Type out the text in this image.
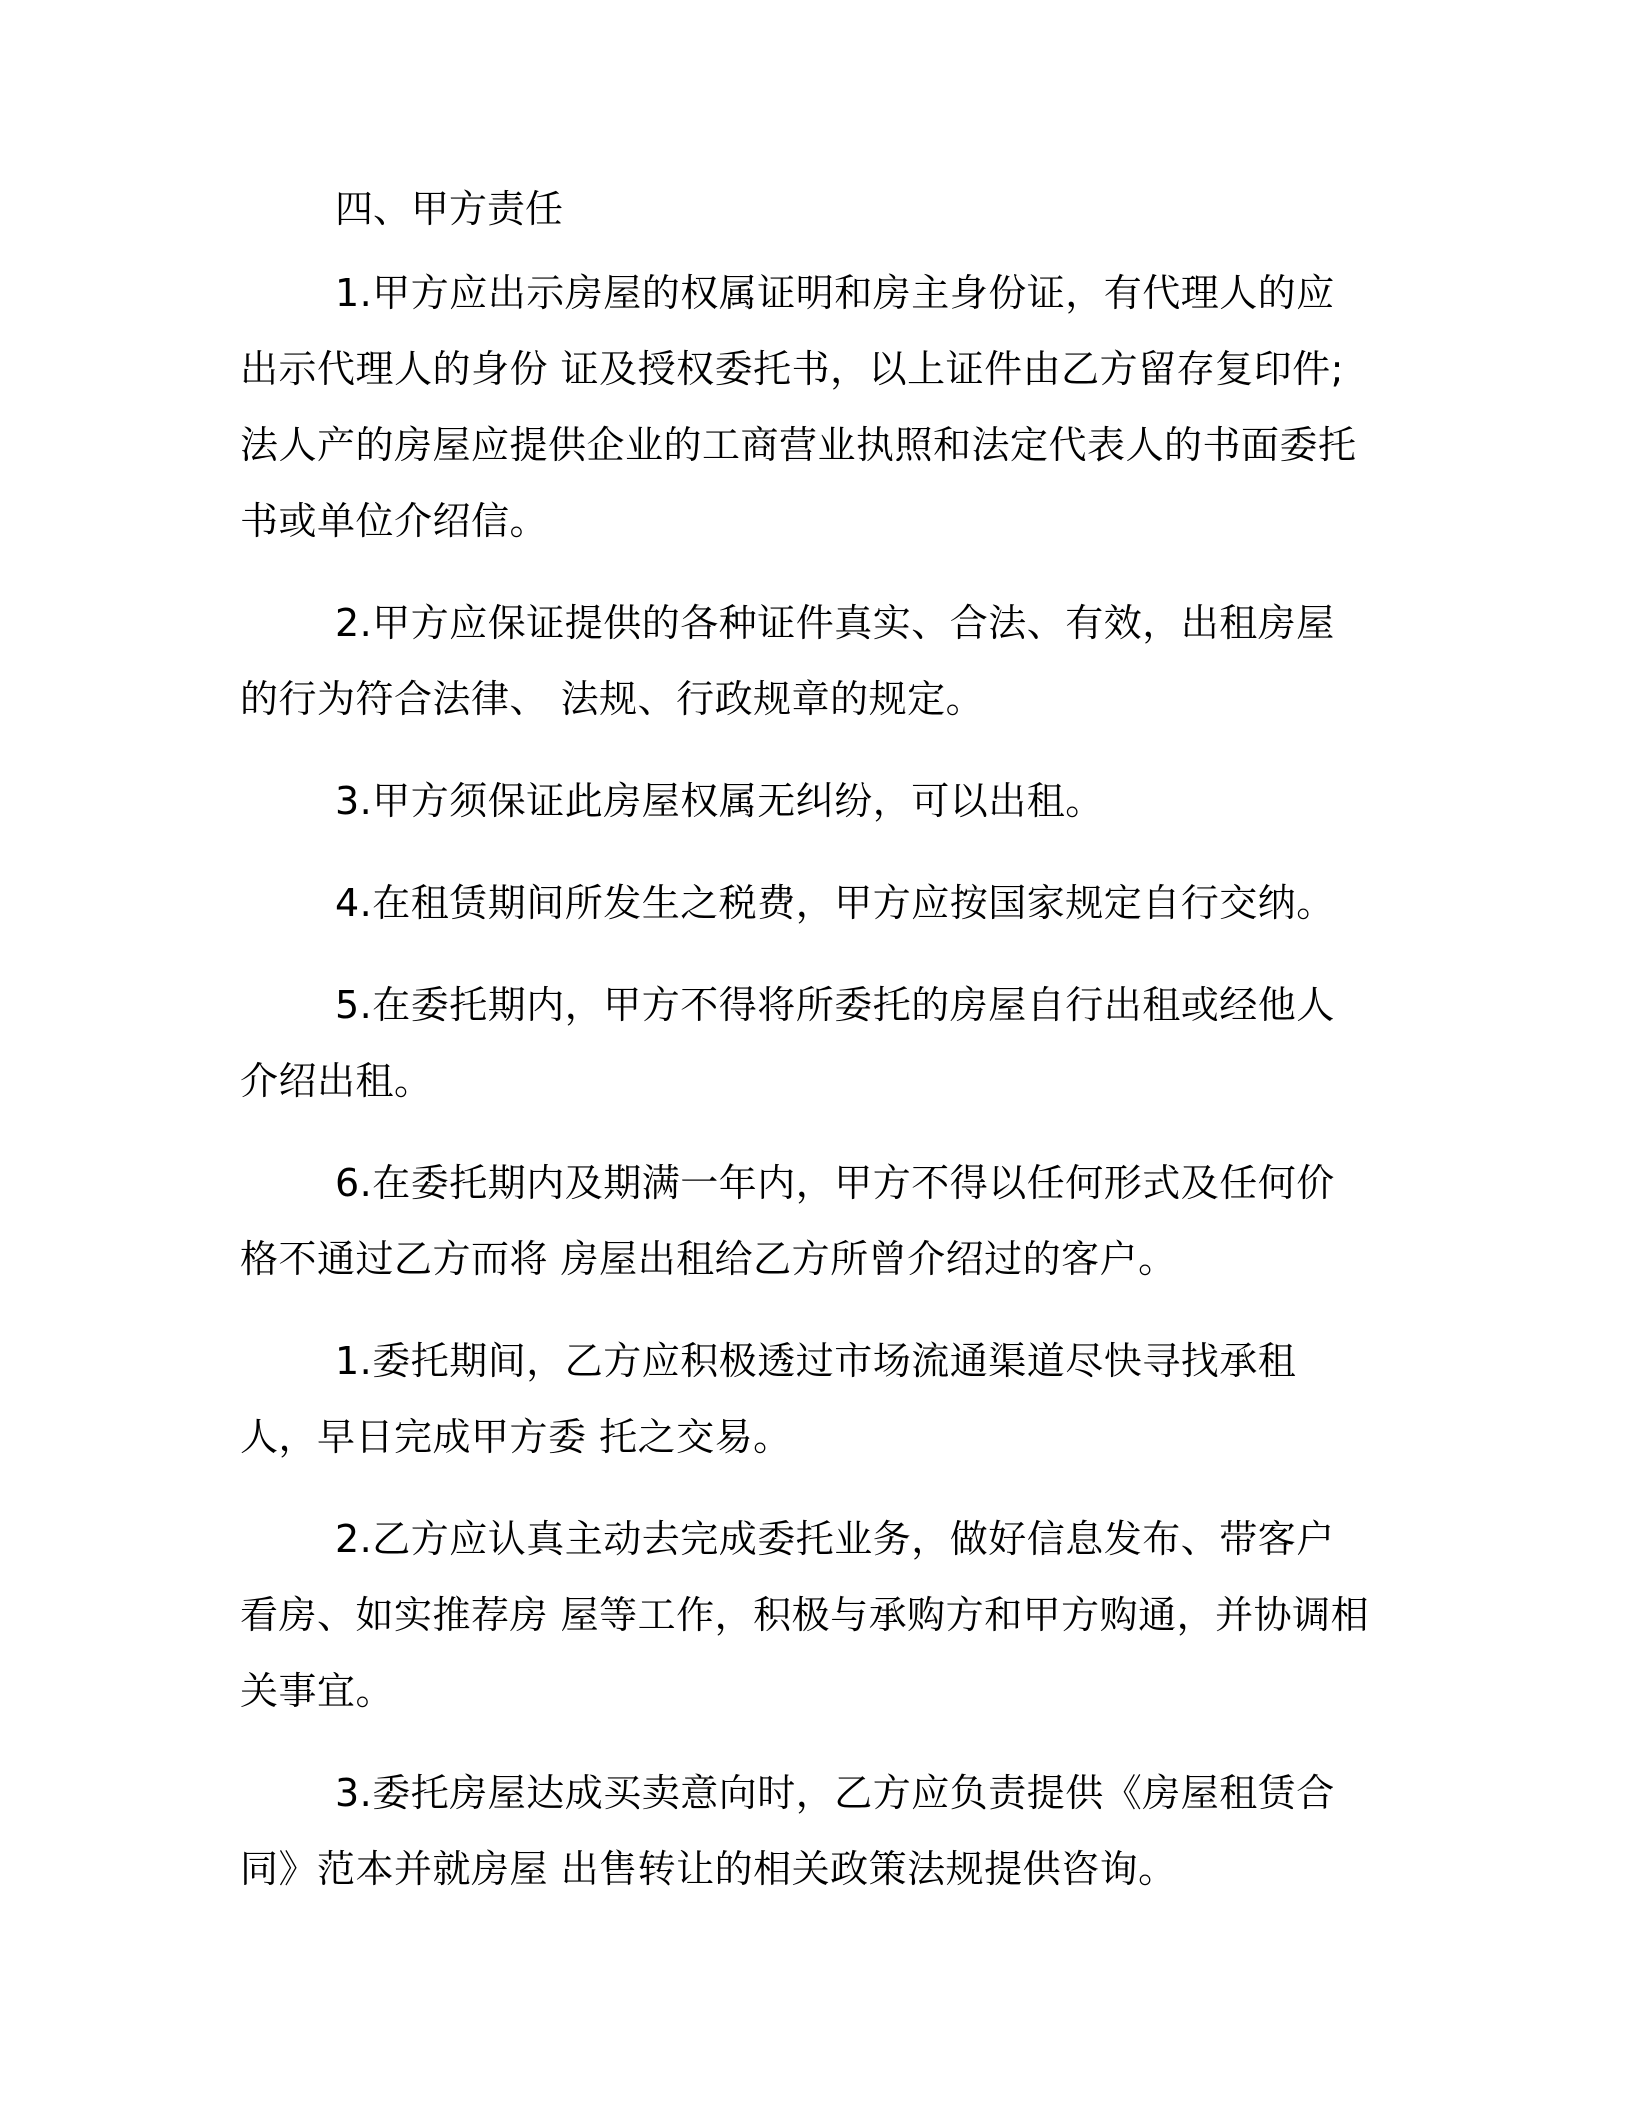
四、甲方责任

1.甲方应出示房屋的权属证明和房主身份证，有代理人的应出示代理人的身份 证及授权委托书，以上证件由乙方留存复印件;法人产的房屋应提供企业的工商营业执照和法定代表人的书面委托书或单位介绍信。

2.甲方应保证提供的各种证件真实、合法、有效，出租房屋的行为符合法律、 法规、行政规章的规定。

3.甲方须保证此房屋权属无纠纷，可以出租。

4.在租赁期间所发生之税费，甲方应按国家规定自行交纳。

5.在委托期内，甲方不得将所委托的房屋自行出租或经他人介绍出租。

6.在委托期内及期满一年内，甲方不得以任何形式及任何价格不通过乙方而将 房屋出租给乙方所曾介绍过的客户。

1.委托期间，乙方应积极透过市场流通渠道尽快寻找承租人，早日完成甲方委 托之交易。

2.乙方应认真主动去完成委托业务，做好信息发布、带客户看房、如实推荐房 屋等工作，积极与承购方和甲方购通，并协调相关事宜。

3.委托房屋达成买卖意向时，乙方应负责提供《房屋租赁合同》范本并就房屋 出售转让的相关政策法规提供咨询。
